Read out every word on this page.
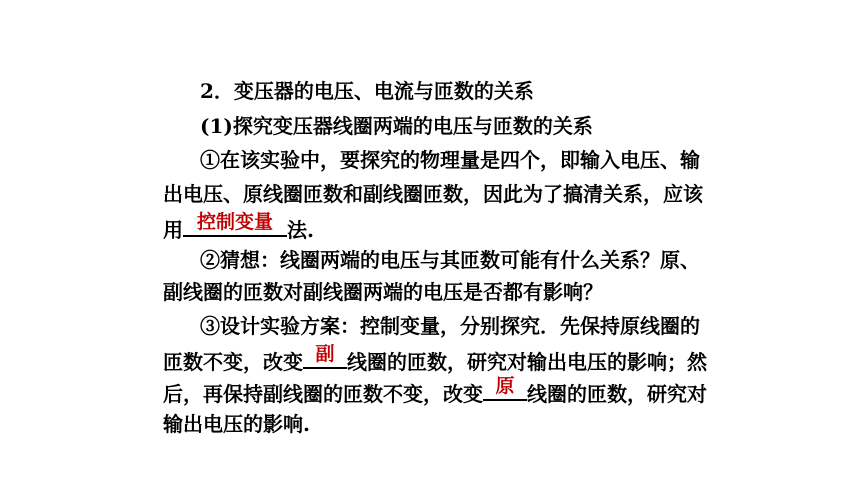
2．变压器的电压、电流与匝数的关系
(1)探究变压器线圈两端的电压与匝数的关系
①在该实验中，要探究的物理量是四个，即输入电压、输
出电压、原线圈匝数和副线圈匝数，因此为了搞清关系，应该
用 控制变量 法.
②猜想：线圈两端的电压与其匝数可能有什么关系？原、
副线圈的匝数对副线圈两端的电压是否都有影响？
③设计实验方案：控制变量，分别探究．先保持原线圈的
匝数不变，改变 副 线圈的匝数，研究对输出电压的影响；然
后，再保持副线圈的匝数不变，改变 原 线圈的匝数，研究对
输出电压的影响.
